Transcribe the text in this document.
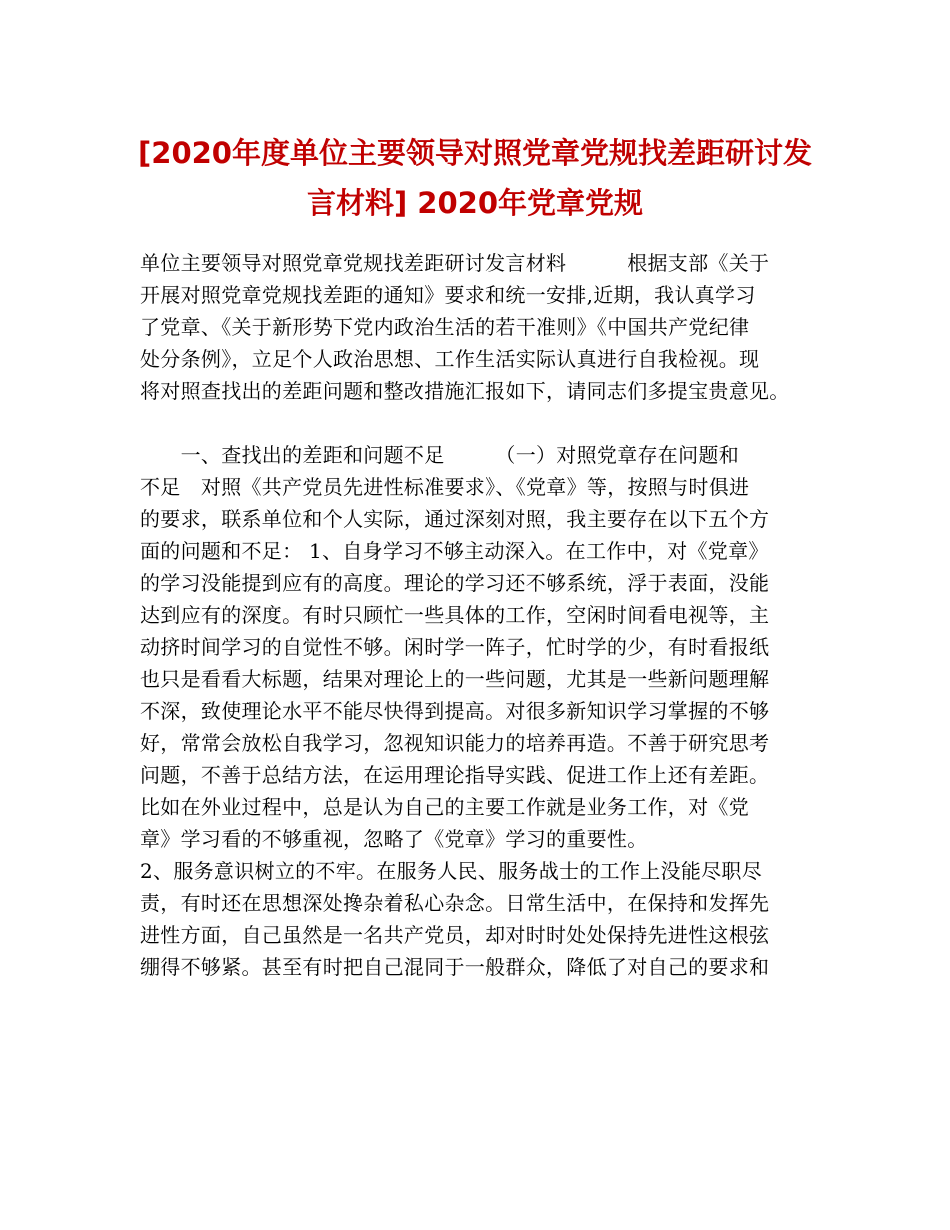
[2020年度单位主要领导对照党章党规找差距研讨发
言材料] 2020年党章党规
单位主要领导对照党章党规找差距研讨发言材料　　　根据支部《关于
开展对照党章党规找差距的通知》要求和统一安排,近期，我认真学习
了党章、《关于新形势下党内政治生活的若干准则》《中国共产党纪律
处分条例》，立足个人政治思想、工作生活实际认真进行自我检视。现
将对照查找出的差距问题和整改措施汇报如下，请同志们多提宝贵意见。
　　一、查找出的差距和问题不足　　　（一）对照党章存在问题和
不足　对照《共产党员先进性标准要求》、《党章》等，按照与时俱进
的要求，联系单位和个人实际，通过深刻对照，我主要存在以下五个方
面的问题和不足： 1、自身学习不够主动深入。在工作中，对《党章》
的学习没能提到应有的高度。理论的学习还不够系统，浮于表面，没能
达到应有的深度。有时只顾忙一些具体的工作，空闲时间看电视等，主
动挤时间学习的自觉性不够。闲时学一阵子，忙时学的少，有时看报纸
也只是看看大标题，结果对理论上的一些问题，尤其是一些新问题理解
不深，致使理论水平不能尽快得到提高。对很多新知识学习掌握的不够
好，常常会放松自我学习，忽视知识能力的培养再造。不善于研究思考
问题，不善于总结方法，在运用理论指导实践、促进工作上还有差距。
比如在外业过程中，总是认为自己的主要工作就是业务工作，对《党
章》学习看的不够重视，忽略了《党章》学习的重要性。
2、服务意识树立的不牢。在服务人民、服务战士的工作上没能尽职尽
责，有时还在思想深处搀杂着私心杂念。日常生活中，在保持和发挥先
进性方面，自己虽然是一名共产党员，却对时时处处保持先进性这根弦
绷得不够紧。甚至有时把自己混同于一般群众，降低了对自己的要求和
